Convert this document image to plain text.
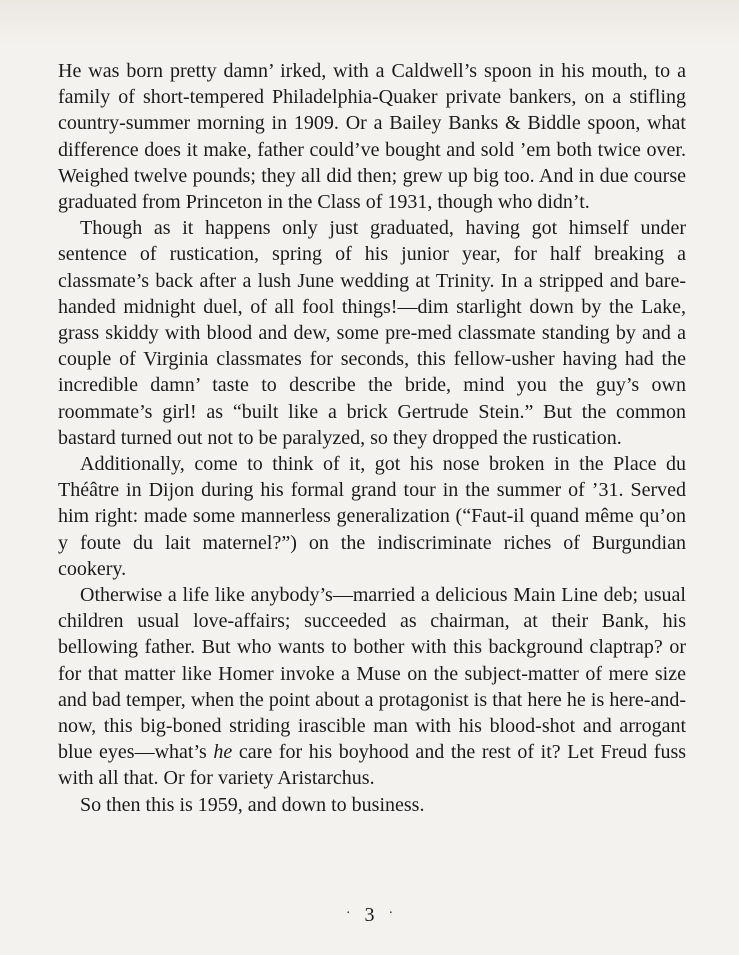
He was born pretty damn’ irked, with a Caldwell’s spoon in his mouth, to a family of short-tempered Philadelphia-Quaker private bankers, on a stifling country-summer morning in 1909. Or a Bailey Banks & Biddle spoon, what difference does it make, father could’ve bought and sold ’em both twice over. Weighed twelve pounds; they all did then; grew up big too. And in due course graduated from Princeton in the Class of 1931, though who didn’t.

Though as it happens only just graduated, having got himself under sentence of rustication, spring of his junior year, for half breaking a classmate’s back after a lush June wedding at Trinity. In a stripped and bare-handed midnight duel, of all fool things!—dim starlight down by the Lake, grass skiddy with blood and dew, some pre-med classmate standing by and a couple of Virginia classmates for seconds, this fellow-usher having had the incredible damn’ taste to describe the bride, mind you the guy’s own roommate’s girl! as “built like a brick Gertrude Stein.” But the common bastard turned out not to be paralyzed, so they dropped the rustication.

Additionally, come to think of it, got his nose broken in the Place du Théâtre in Dijon during his formal grand tour in the summer of ’31. Served him right: made some mannerless generalization (“Faut-il quand même qu’on y foute du lait maternel?”) on the indiscriminate riches of Burgundian cookery.

Otherwise a life like anybody’s—married a delicious Main Line deb; usual children usual love-affairs; succeeded as chairman, at their Bank, his bellowing father. But who wants to bother with this background claptrap? or for that matter like Homer invoke a Muse on the subject-matter of mere size and bad temper, when the point about a protagonist is that here he is here-and-now, this big-boned striding irascible man with his blood-shot and arrogant blue eyes—what’s he care for his boyhood and the rest of it? Let Freud fuss with all that. Or for variety Aristarchus.

So then this is 1959, and down to business.

· 3 ·
